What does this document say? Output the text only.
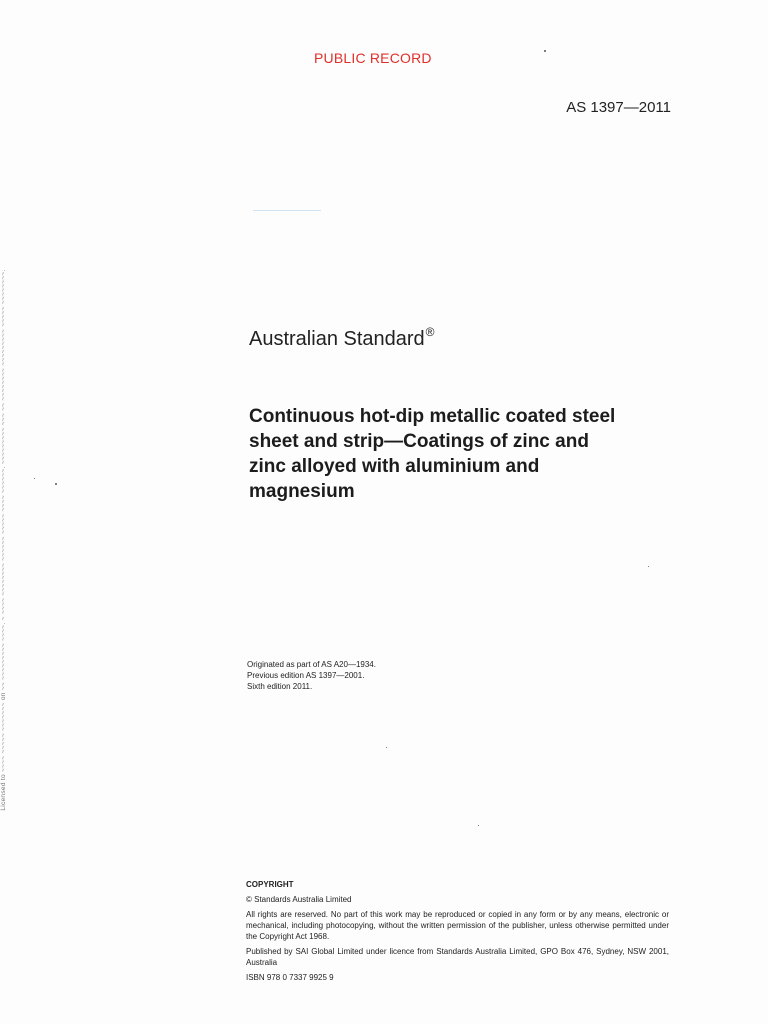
PUBLIC RECORD
AS 1397—2011
Australian Standard®
Continuous hot-dip metallic coated steel
sheet and strip—Coatings of zinc and
zinc alloyed with aluminium and
magnesium
Originated as part of AS A20—1934.
Previous edition AS 1397—2001.
Sixth edition 2011.
COPYRIGHT
© Standards Australia Limited
All rights are reserved. No part of this work may be reproduced or copied in any form or by any means, electronic or mechanical, including photocopying, without the written permission of the publisher, unless otherwise permitted under the Copyright Act 1968.
Published by SAI Global Limited under licence from Standards Australia Limited, GPO Box 476, Sydney, NSW 2001, Australia
ISBN 978 0 7337 9925 9
Licensed to ~~~~ ~~~~~ ~~~~~~~ on ~~ ~~~~~~~~~ ~~~~. ~ ~~~~ ~~~~~~~~ ~~~~~~ ~~~~~ ~~~~ ~~~~~~. ~~~~~~~~~ ~~~ ~~ ~~~~~~~~ ~~~~~~~~~ ~~~~~ ~~~~~~~~.
